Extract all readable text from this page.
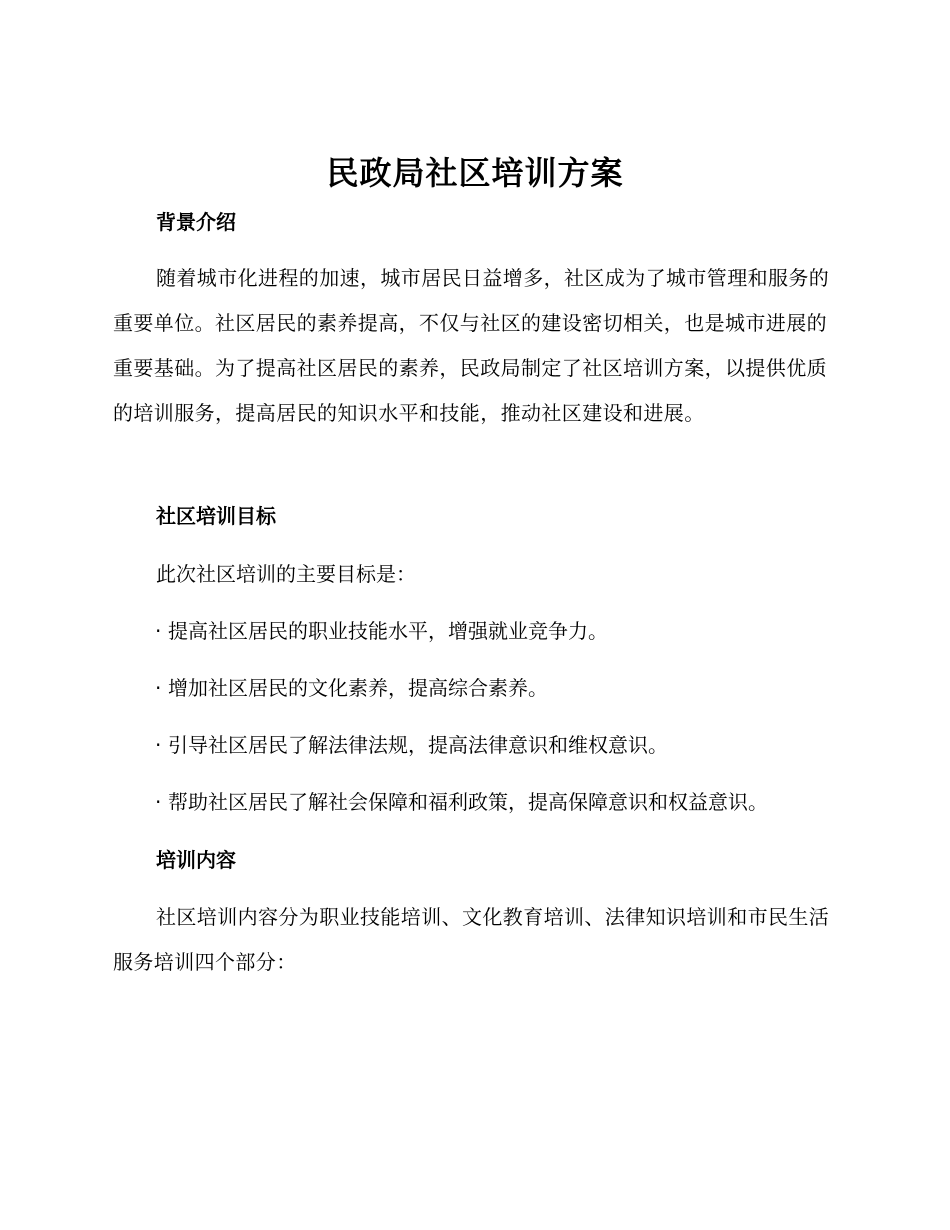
民政局社区培训方案
背景介绍
随着城市化进程的加速，城市居民日益增多，社区成为了城市管理和服务的重要单位。社区居民的素养提高，不仅与社区的建设密切相关，也是城市进展的重要基础。为了提高社区居民的素养，民政局制定了社区培训方案，以提供优质的培训服务，提高居民的知识水平和技能，推动社区建设和进展。
社区培训目标
此次社区培训的主要目标是：
· 提高社区居民的职业技能水平，增强就业竞争力。
· 增加社区居民的文化素养，提高综合素养。
· 引导社区居民了解法律法规，提高法律意识和维权意识。
· 帮助社区居民了解社会保障和福利政策，提高保障意识和权益意识。
培训内容
社区培训内容分为职业技能培训、文化教育培训、法律知识培训和市民生活服务培训四个部分：
